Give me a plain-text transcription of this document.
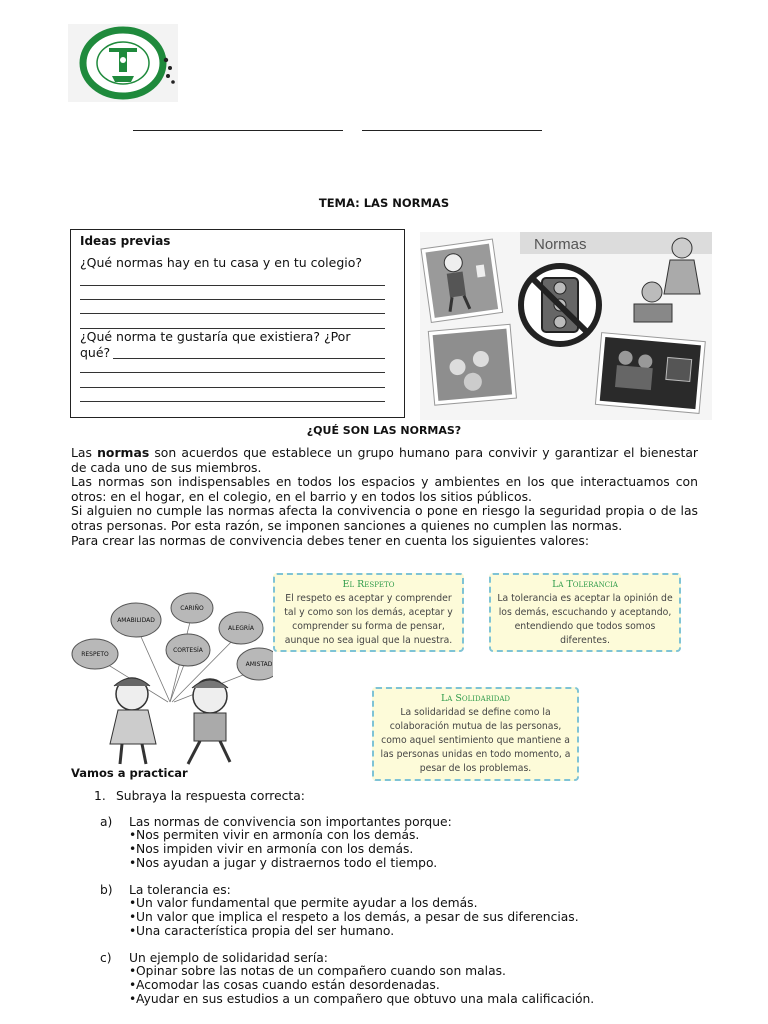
TEMA: LAS NORMAS
Ideas previas
¿Qué normas hay en tu casa y en tu colegio?
¿Qué norma te gustaría que existiera? ¿Por
qué?
Normas
¿QUÉ SON LAS NORMAS?

Las normas son acuerdos que establece un grupo humano para convivir y garantizar el bienestar de cada uno de sus miembros.

Las normas son indispensables en todos los espacios y ambientes en los que interactuamos con otros: en el hogar, en el colegio, en el barrio y en todos los sitios públicos.

Si alguien no cumple las normas afecta la convivencia o pone en riesgo la seguridad propia o de las otras personas. Por esta razón, se imponen sanciones a quienes no cumplen las normas.

Para crear las normas de convivencia debes tener en cuenta los siguientes valores:

CARIÑO
AMABILIDAD
ALEGRÍA
CORTESÍA
RESPETO
AMISTAD
El Respeto
El respeto es aceptar y comprender tal y como son los demás, aceptar y comprender su forma de pensar, aunque no sea igual que la nuestra.
La Tolerancia
La tolerancia es aceptar la opinión de los demás, escuchando y aceptando, entendiendo que todos somos diferentes.
La Solidaridad
La solidaridad se define como la colaboración mutua de las personas, como aquel sentimiento que mantiene a las personas unidas en todo momento, a pesar de los problemas.
Vamos a practicar
1. Subraya la respuesta correcta:
a) Las normas de convivencia son importantes porque:
•Nos permiten vivir en armonía con los demás.
•Nos impiden vivir en armonía con los demás.
•Nos ayudan a jugar y distraernos todo el tiempo.
b) La tolerancia es:
•Un valor fundamental que permite ayudar a los demás.
•Un valor que implica el respeto a los demás, a pesar de sus diferencias.
•Una característica propia del ser humano.
c) Un ejemplo de solidaridad sería:
•Opinar sobre las notas de un compañero cuando son malas.
•Acomodar las cosas cuando están desordenadas.
•Ayudar en sus estudios a un compañero que obtuvo una mala calificación.
